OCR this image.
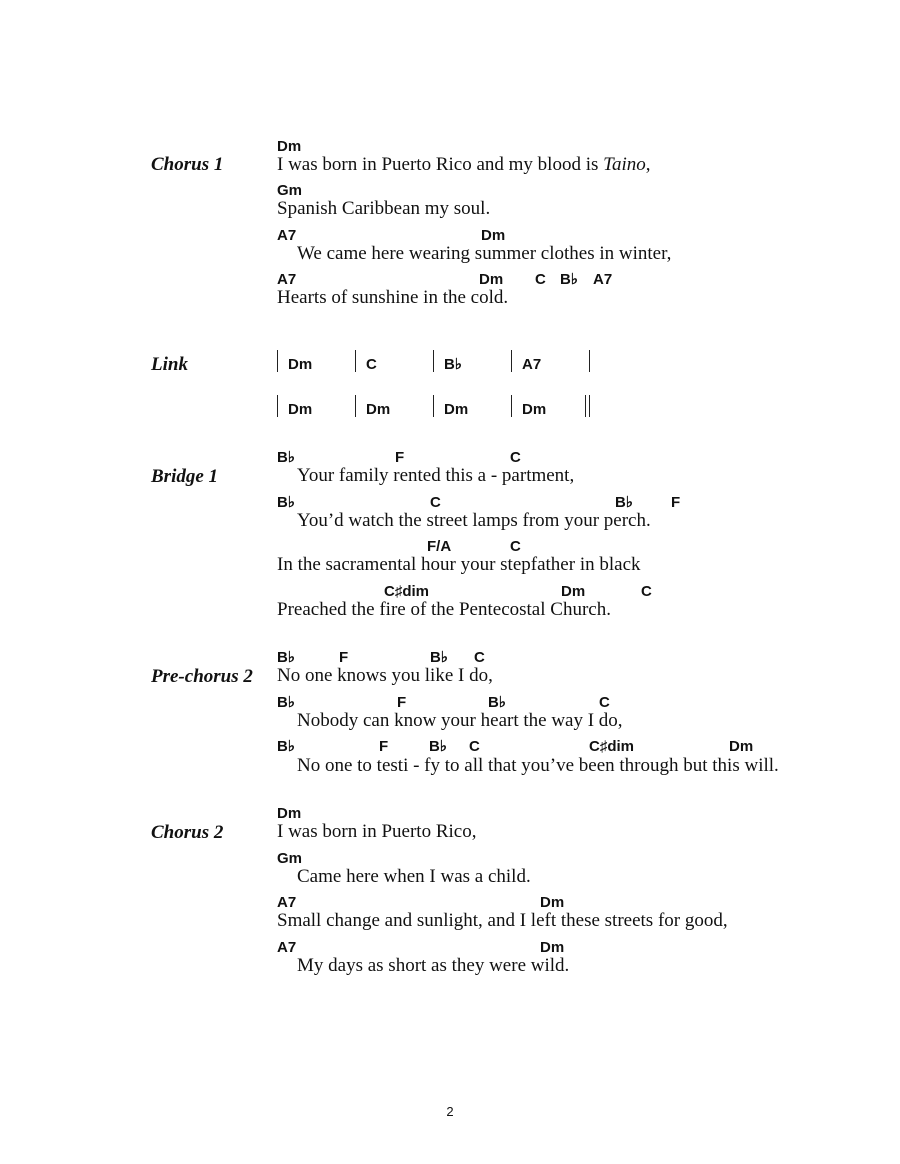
Chorus 1
Dm
I was born in Puerto Rico and my blood is Taino,
Gm
Spanish Caribbean my soul.
A7	Dm
We came here wearing summer clothes in winter,
A7	Dm C B♭ A7
Hearts of sunshine in the cold.
Link	Dm	C	B♭	A7
Dm	Dm	Dm	Dm
Bridge 1
B♭	F	C
Your family rented this a - partment,
B♭	C	B♭	F
You’d watch the street lamps from your perch.
F/A	C
In the sacramental hour your stepfather in black
C♯dim	Dm	C
Preached the fire of the Pentecostal Church.
Pre-chorus 2
B♭	F	B♭ C
No one knows you like I do,
B♭	F	B♭	C
Nobody can know your heart the way I do,
B♭	F	B♭ C	C♯dim	Dm
No one to testi - fy to all that you’ve been through but this will.
Chorus 2
Dm
I was born in Puerto Rico,
Gm
Came here when I was a child.
A7	Dm
Small change and sunlight, and I left these streets for good,
A7	Dm
My days as short as they were wild.
2
